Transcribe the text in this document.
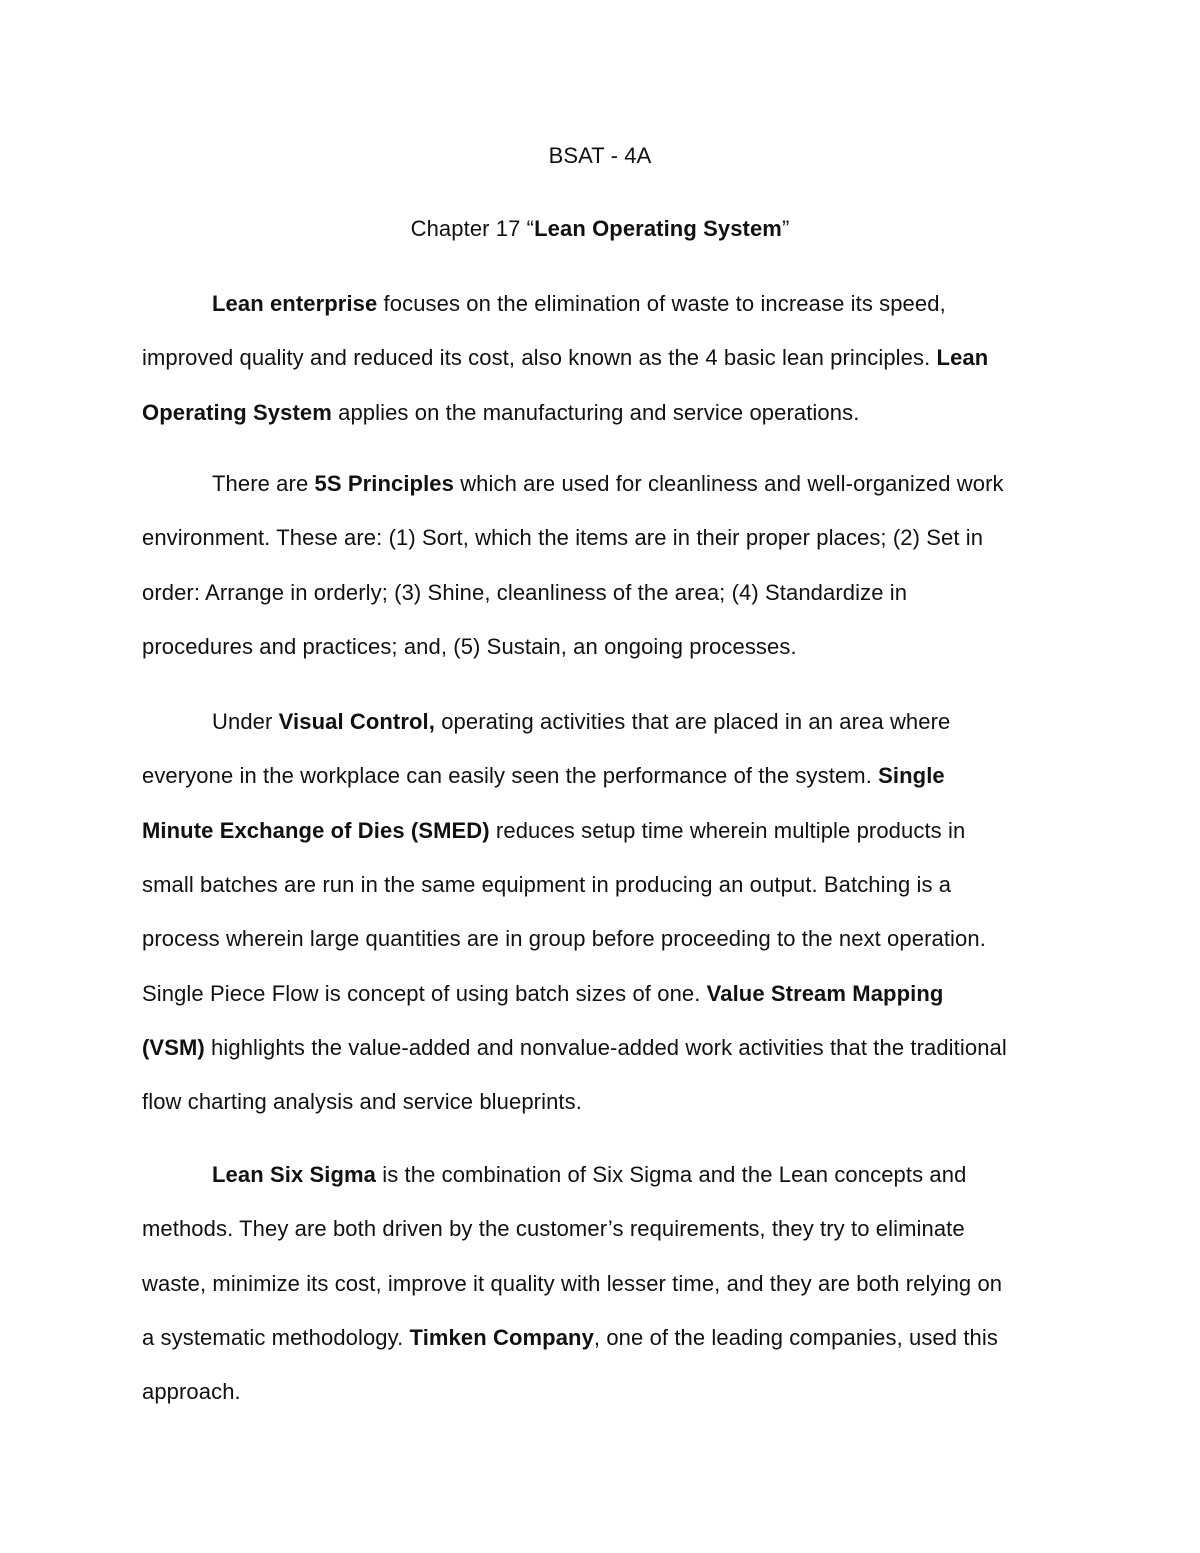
BSAT - 4A
Chapter 17 “Lean Operating System”
Lean enterprise focuses on the elimination of waste to increase its speed,
improved quality and reduced its cost, also known as the 4 basic lean principles. Lean
Operating System applies on the manufacturing and service operations.
There are 5S Principles which are used for cleanliness and well-organized work
environment. These are: (1) Sort, which the items are in their proper places; (2) Set in
order: Arrange in orderly; (3) Shine, cleanliness of the area; (4) Standardize in
procedures and practices; and, (5) Sustain, an ongoing processes.
Under Visual Control, operating activities that are placed in an area where
everyone in the workplace can easily seen the performance of the system. Single
Minute Exchange of Dies (SMED) reduces setup time wherein multiple products in
small batches are run in the same equipment in producing an output. Batching is a
process wherein large quantities are in group before proceeding to the next operation.
Single Piece Flow is concept of using batch sizes of one. Value Stream Mapping
(VSM) highlights the value-added and nonvalue-added work activities that the traditional
flow charting analysis and service blueprints.
Lean Six Sigma is the combination of Six Sigma and the Lean concepts and
methods. They are both driven by the customer’s requirements, they try to eliminate
waste, minimize its cost, improve it quality with lesser time, and they are both relying on
a systematic methodology. Timken Company, one of the leading companies, used this
approach.
